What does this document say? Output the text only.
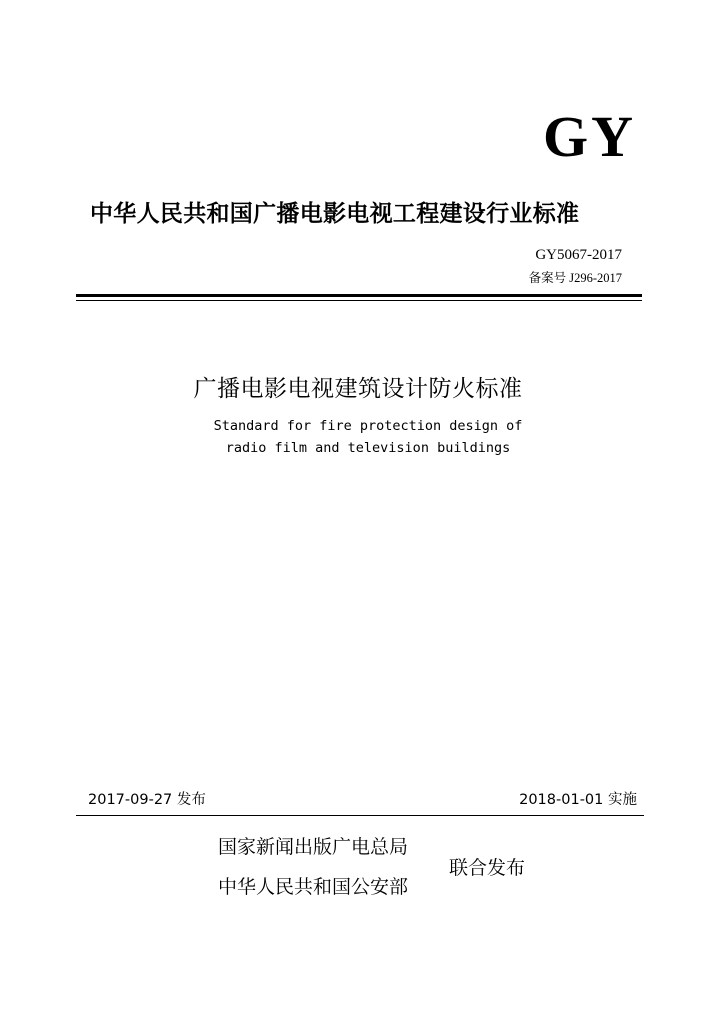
GY
中华人民共和国广播电影电视工程建设行业标准
GY5067-2017
备案号 J296-2017
广播电影电视建筑设计防火标准
Standard for fire protection design of
radio film and television buildings
2017-09-27 发布	2018-01-01 实施
国家新闻出版广电总局
中华人民共和国公安部
联合发布
